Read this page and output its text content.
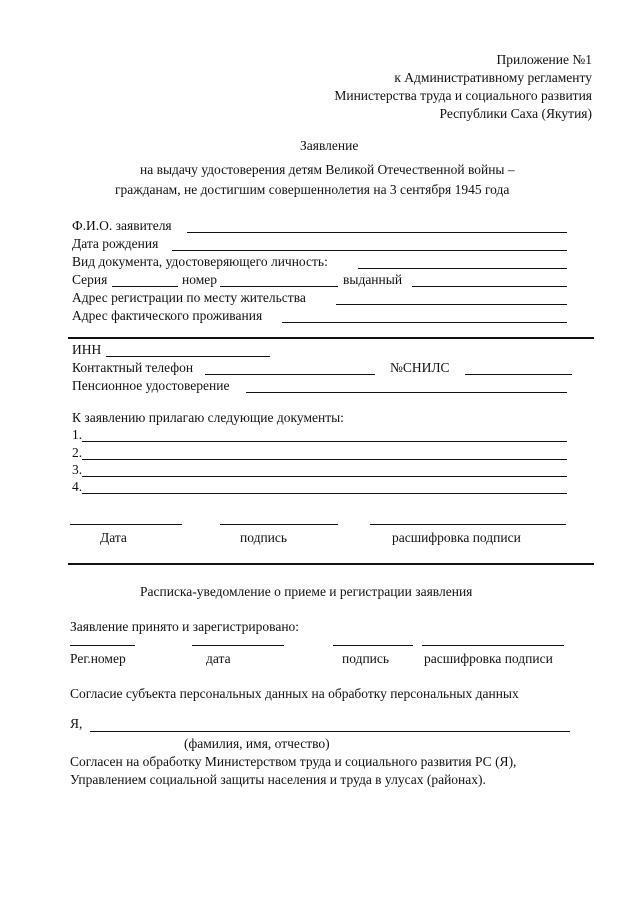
Приложение №1
к Административному регламенту
Министерства труда и социального развития
Республики Саха (Якутия)
Заявление
на выдачу удостоверения детям Великой Отечественной войны –
гражданам, не достигшим совершеннолетия на 3 сентября 1945 года
Ф.И.О. заявителя
Дата рождения
Вид документа, удостоверяющего личность:
Серия	номер	выданный
Адрес регистрации по месту жительства
Адрес фактического проживания
ИНН
Контактный телефон	№СНИЛС
Пенсионное удостоверение
К заявлению прилагаю следующие документы:
1.
2.
3.
4.
Дата	подпись	расшифровка подписи
Расписка-уведомление о приеме и регистрации заявления
Заявление принято и зарегистрировано:
Рег.номер	дата	подпись	расшифровка подписи
Согласие субъекта персональных данных на обработку персональных данных
Я,
(фамилия, имя, отчество)
Согласен на обработку Министерством труда и социального развития РС (Я),
Управлением социальной защиты населения и труда в улусах (районах).
